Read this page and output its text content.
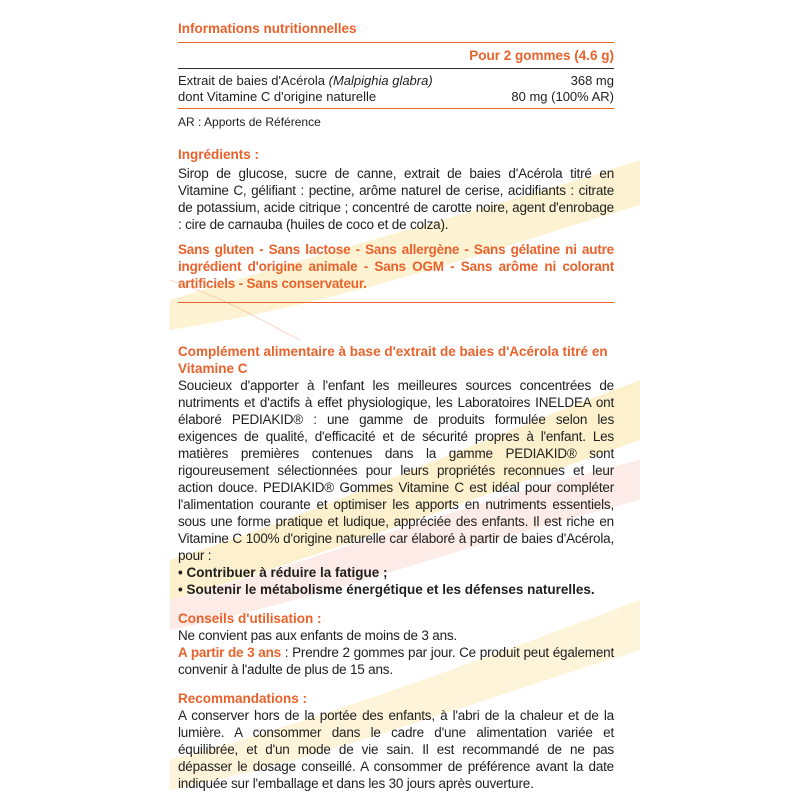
Informations nutritionnelles
Pour 2 gommes (4.6 g)
Extrait de baies d'Acérola (Malpighia glabra)	368 mg
dont Vitamine C d'origine naturelle	80 mg (100% AR)
AR : Apports de Référence
Ingrédients :
Sirop de glucose, sucre de canne, extrait de baies d'Acérola titré en Vitamine C, gélifiant : pectine, arôme naturel de cerise, acidifiants : citrate de potassium, acide citrique ; concentré de carotte noire, agent d'enrobage : cire de carnauba (huiles de coco et de colza).
Sans gluten - Sans lactose - Sans allergène - Sans gélatine ni autre ingrédient d'origine animale - Sans OGM - Sans arôme ni colorant artificiels - Sans conservateur.
Complément alimentaire à base d'extrait de baies d'Acérola titré en Vitamine C
Soucieux d'apporter à l'enfant les meilleures sources concentrées de nutriments et d'actifs à effet physiologique, les Laboratoires INELDEA ont élaboré PEDIAKID® : une gamme de produits formulée selon les exigences de qualité, d'efficacité et de sécurité propres à l'enfant. Les matières premières contenues dans la gamme PEDIAKID® sont rigoureusement sélectionnées pour leurs propriétés reconnues et leur action douce. PEDIAKID® Gommes Vitamine C est idéal pour compléter l'alimentation courante et optimiser les apports en nutriments essentiels, sous une forme pratique et ludique, appréciée des enfants. Il est riche en Vitamine C 100% d'origine naturelle car élaboré à partir de baies d'Acérola, pour :
• Contribuer à réduire la fatigue ;
• Soutenir le métabolisme énergétique et les défenses naturelles.
Conseils d'utilisation :
Ne convient pas aux enfants de moins de 3 ans.
A partir de 3 ans : Prendre 2 gommes par jour. Ce produit peut également convenir à l'adulte de plus de 15 ans.
Recommandations :
A conserver hors de la portée des enfants, à l'abri de la chaleur et de la lumière. A consommer dans le cadre d'une alimentation variée et équilibrée, et d'un mode de vie sain. Il est recommandé de ne pas dépasser le dosage conseillé. A consommer de préférence avant la date indiquée sur l'emballage et dans les 30 jours après ouverture.
